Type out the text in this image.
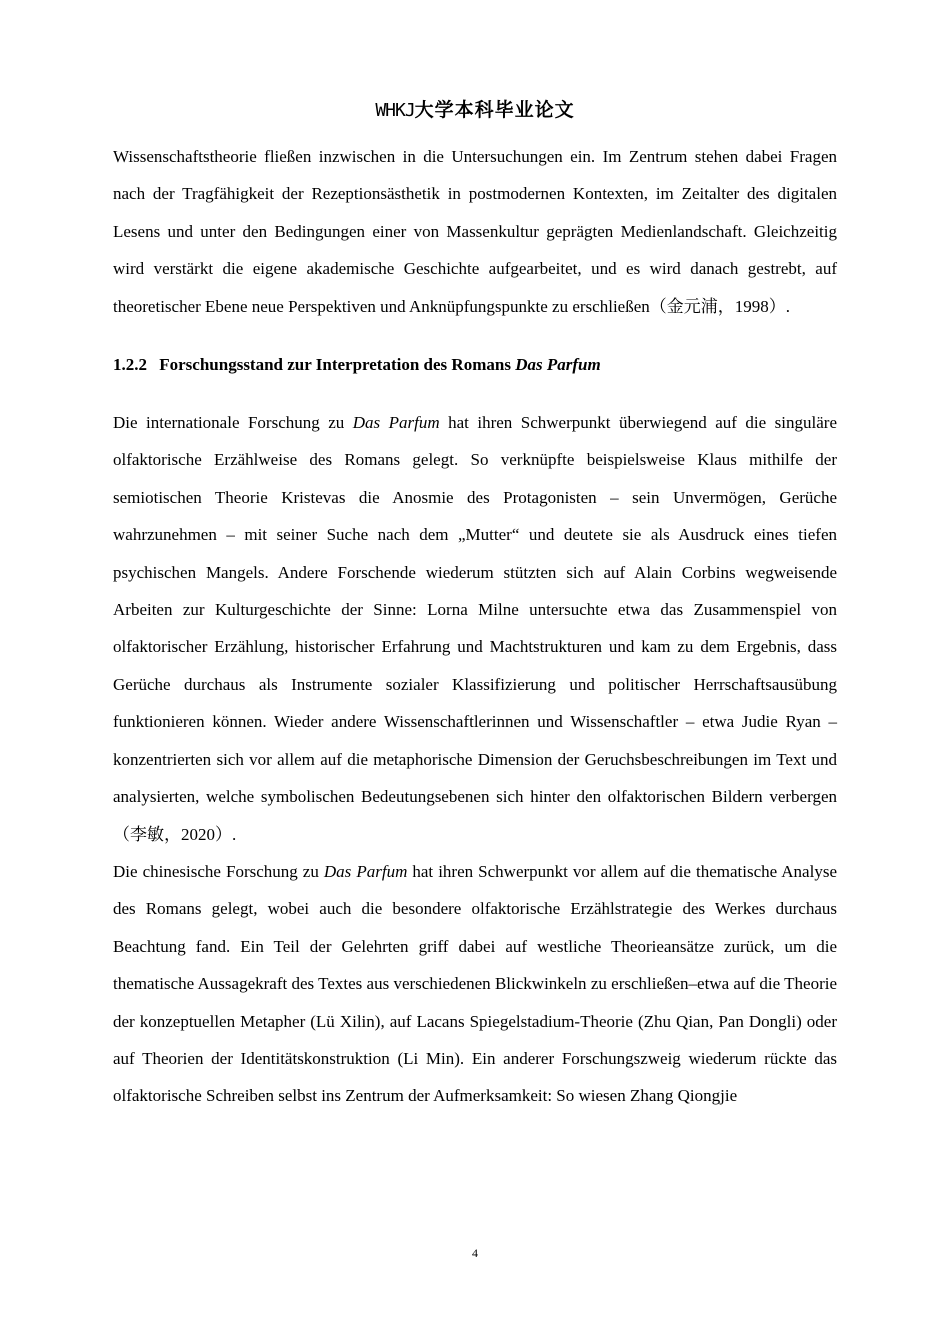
WHKJ大学本科毕业论文

Wissenschaftstheorie fließen inzwischen in die Untersuchungen ein. Im Zentrum stehen dabei Fragen nach der Tragfähigkeit der Rezeptionsästhetik in postmodernen Kontexten, im Zeitalter des digitalen Lesens und unter den Bedingungen einer von Massenkultur geprägten Medienlandschaft. Gleichzeitig wird verstärkt die eigene akademische Geschichte aufgearbeitet, und es wird danach gestrebt, auf theoretischer Ebene neue Perspektiven und Anknüpfungspunkte zu erschließen（金元浦，1998）.

1.2.2 Forschungsstand zur Interpretation des Romans Das Parfum

Die internationale Forschung zu Das Parfum hat ihren Schwerpunkt überwiegend auf die singuläre olfaktorische Erzählweise des Romans gelegt. So verknüpfte beispielsweise Klaus mithilfe der semiotischen Theorie Kristevas die Anosmie des Protagonisten – sein Unvermögen, Gerüche wahrzunehmen – mit seiner Suche nach dem „Mutter“ und deutete sie als Ausdruck eines tiefen psychischen Mangels. Andere Forschende wiederum stützten sich auf Alain Corbins wegweisende Arbeiten zur Kulturgeschichte der Sinne: Lorna Milne untersuchte etwa das Zusammenspiel von olfaktorischer Erzählung, historischer Erfahrung und Machtstrukturen und kam zu dem Ergebnis, dass Gerüche durchaus als Instrumente sozialer Klassifizierung und politischer Herrschaftsausübung funktionieren können. Wieder andere Wissenschaftlerinnen und Wissenschaftler – etwa Judie Ryan – konzentrierten sich vor allem auf die metaphorische Dimension der Geruchsbeschreibungen im Text und analysierten, welche symbolischen Bedeutungsebenen sich hinter den olfaktorischen Bildern verbergen（李敏，2020）.

Die chinesische Forschung zu Das Parfum hat ihren Schwerpunkt vor allem auf die thematische Analyse des Romans gelegt, wobei auch die besondere olfaktorische Erzählstrategie des Werkes durchaus Beachtung fand. Ein Teil der Gelehrten griff dabei auf westliche Theorieansätze zurück, um die thematische Aussagekraft des Textes aus verschiedenen Blickwinkeln zu erschließen–etwa auf die Theorie der konzeptuellen Metapher (Lü Xilin), auf Lacans Spiegelstadium-Theorie (Zhu Qian, Pan Dongli) oder auf Theorien der Identitätskonstruktion (Li Min). Ein anderer Forschungszweig wiederum rückte das olfaktorische Schreiben selbst ins Zentrum der Aufmerksamkeit: So wiesen Zhang Qiongjie

4
